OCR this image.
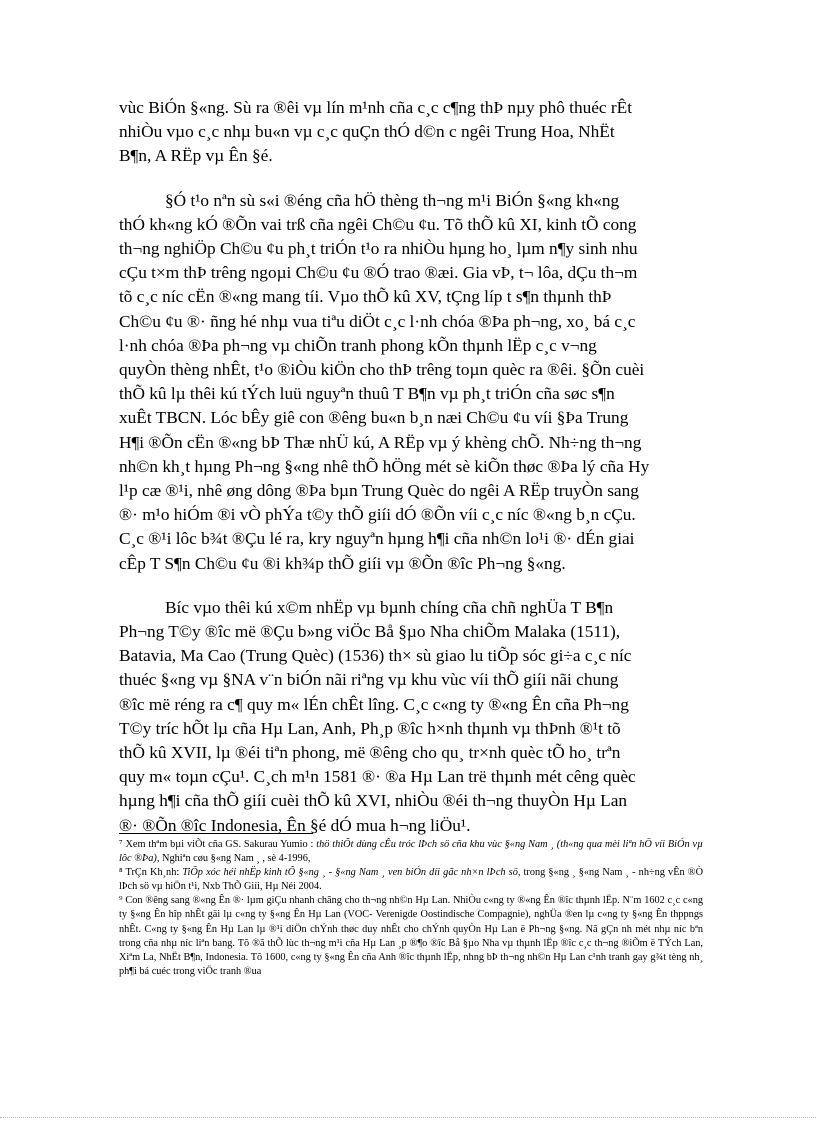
vùc BiÓn §«ng. Sù ra ®êi vµ lín m¹nh cña c¸c c¶ng thÞ nµy phô thuéc rÊt
nhiÒu vµo c¸c nhµ bu«n vµ c¸c quÇn thÓ d©n c ngêi Trung Hoa, NhËt
B¶n, A RËp vµ Ên §é.

§Ó t¹o nªn sù s«i ®éng cña hÖ thèng th¬ng m¹i BiÓn §«ng kh«ng
thÓ kh«ng kÓ ®Õn vai trß cña ngêi Ch©u ¢u. Tõ thÕ kû XI, kinh tÕ cong
th¬ng nghiÖp Ch©u ¢u ph¸t triÓn t¹o ra nhiÒu hµng ho¸ lµm n¶y sinh nhu
cÇu t×m thÞ trêng ngoµi Ch©u ¢u ®Ó trao ®æi. Gia vÞ, t¬ lôa, dÇu th¬m
tõ c¸c níc cËn ®«ng mang tíi. Vµo thÕ kû XV, tÇng líp t s¶n thµnh thÞ
Ch©u ¢u ®· ñng hé nhµ vua tiªu diÖt c¸c l·nh chóa ®Þa ph¬ng, xo¸ bá c¸c
l·nh chóa ®Þa ph¬ng vµ chiÕn tranh phong kÕn thµnh lËp c¸c v¬ng
quyÒn thèng nhÊt, t¹o ®iÒu kiÖn cho thÞ trêng toµn quèc ra ®êi. §Õn cuèi
thÕ kû lµ thêi kú tÝch luü nguyªn thuû T B¶n vµ ph¸t triÓn cña søc s¶n
xuÊt TBCN. Lóc bÊy giê con ®êng bu«n b¸n næi Ch©u ¢u víi §Þa Trung
H¶i ®Õn cËn ®«ng bÞ Thæ nhÜ kú, A RËp vµ ý khèng chÕ. Nh÷ng th¬ng
nh©n kh¸t hµng Ph¬ng §«ng nhê thÕ hÖng mét sè kiÕn thøc ®Þa lý cña Hy
l¹p cæ ®¹i, nhê øng dông ®Þa bµn Trung Quèc do ngêi A RËp truyÒn sang
®· m¹o hiÓm ®i vÒ phÝa t©y thÕ giíi dÓ ®Õn víi c¸c níc ®«ng b¸n cÇu.
C¸c ®¹i lôc b¾t ®Çu lé ra, kry nguyªn hµng h¶i cña nh©n lo¹i ®· dÉn giai
cÊp T S¶n Ch©u ¢u ®i kh¾p thÕ giíi vµ ®Õn ®îc Ph¬ng §«ng.

Bíc vµo thêi kú x©m nhËp vµ bµnh chíng cña chñ nghÜa T B¶n
Ph¬ng T©y ®îc më ®Çu b»ng viÖc Bå §µo Nha chiÕm Malaka (1511),
Batavia, Ma Cao (Trung Quèc) (1536) th× sù giao lu tiÕp sóc gi÷a c¸c níc
thuéc §«ng vµ §NA v¨n biÓn nãi riªng vµ khu vùc víi thÕ giíi nãi chung
®îc më réng ra c¶ quy m« lÉn chÊt lîng. C¸c c«ng ty ®«ng Ên cña Ph¬ng
T©y tríc hÕt lµ cña Hµ Lan, Anh, Ph¸p ®îc h×nh thµnh vµ thÞnh ®¹t tõ
thÕ kû XVII, lµ ®éi tiªn phong, më ®êng cho qu¸ tr×nh quèc tÕ ho¸ trªn
quy m« toµn cÇu¹. C¸ch m¹n 1581 ®· ®a Hµ Lan trë thµnh mét cêng quèc
hµng h¶i cña thÕ giíi cuèi thÕ kû XVI, nhiÒu ®éi th¬ng thuyÒn Hµ Lan
®· ®Õn ®îc Indonesia, Ên §é dÓ mua h¬ng liÖu¹.

⁷ Xem thªm bµi viÕt cña GS. Sakurau Yumio : thö thiÕt dùng cÊu tróc lÞch sö cña khu vùc §«ng Nam ¸ (th«ng qua mèi liªn hÖ víi BiÓn vµ lôc ®Þa), Nghiªn cøu §«ng Nam ¸ , sè 4-1996,

⁸ TrÇn Kh¸nh: TiÕp xóc héi nhËp kinh tÕ §«ng ¸ - §«ng Nam ¸ ven biÓn díi gãc nh×n lÞch sö, trong §«ng ¸ §«ng Nam ¸ - nh÷ng vÊn ®Ò lÞch sö vµ hiÖn t¹i, Nxb ThÕ Giíi, Hµ Néi 2004.

⁹ Con ®êng sang ®«ng Ên ®· lµm giÇu nhanh chãng cho th¬ng nh©n Hµ Lan. NhiÒu c«ng ty ®«ng Ên ®îc thµnh lËp. N¨m 1602 c¸c c«ng ty §«ng Ên hîp nhÊt gäi lµ c«ng ty §«ng Ên Hµ Lan (VOC- Verenigde Oostindische Compagnie), nghÜa ®en lµ c«ng ty §«ng Ên thppngs nhÊt. C«ng ty §«ng Ên Hµ Lan lµ ®¹i diÖn chÝnh thøc duy nhÊt cho chÝnh quyÒn Hµ Lan ë Ph¬ng §«ng. Nã gÇn nh mét nhµ níc bªn trong cña nhµ níc liªn bang. Tõ ®ã thÕ lùc th¬ng m¹i cña Hµ Lan ¸p ®¶o ®îc Bå §µo Nha vµ thµnh lËp ®îc c¸c th¬ng ®iÕm ë TÝch Lan, Xiªm La, NhËt B¶n, Indonesia. Tõ 1600, c«ng ty §«ng Ên cña Anh ®îc thµnh lËp, nhng bÞ th¬ng nh©n Hµ Lan c¹nh tranh gay g¾t tèng nh¸ ph¶i bá cuéc trong viÖc tranh ®ua
